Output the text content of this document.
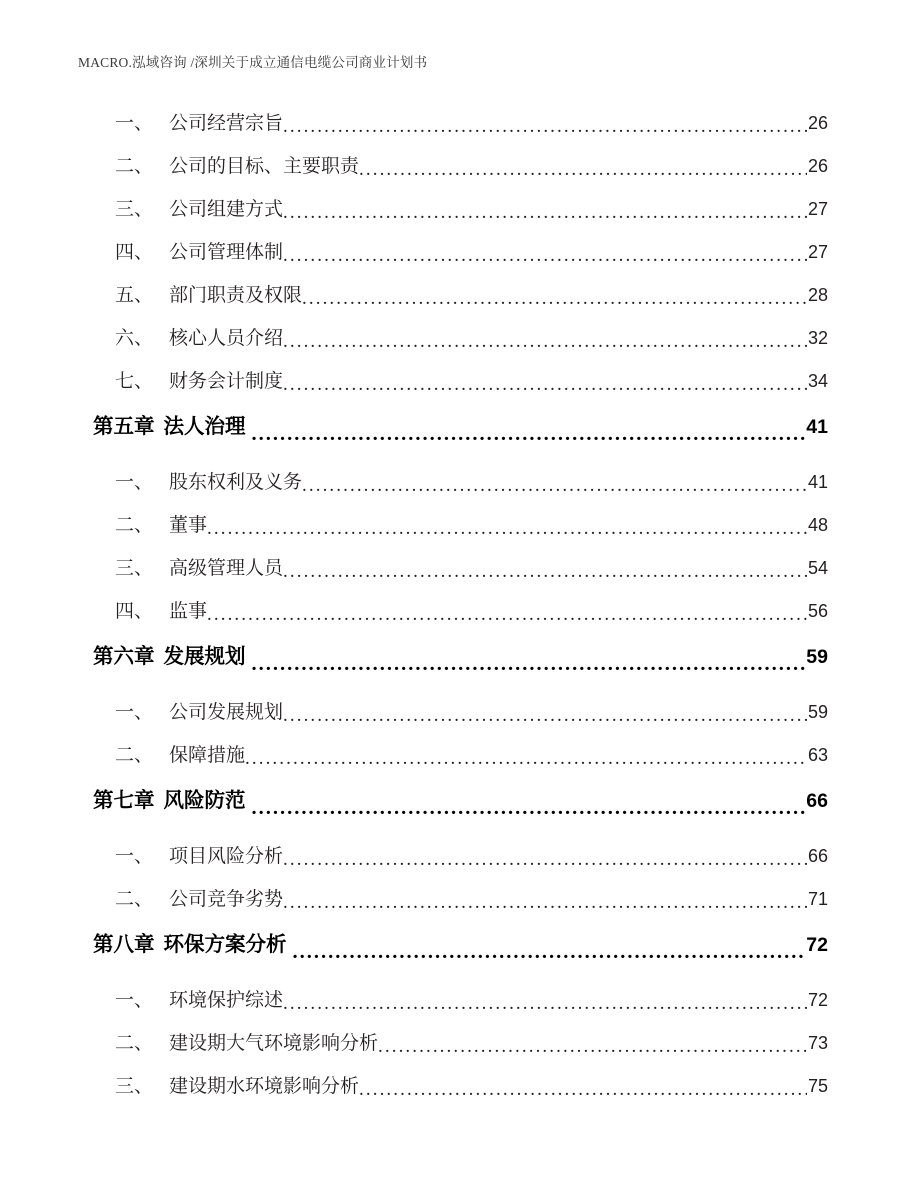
MACRO.泓域咨询 /深圳关于成立通信电缆公司商业计划书
一、 公司经营宗旨 .....	26
二、 公司的目标、主要职责 .....	26
三、 公司组建方式 .....	27
四、 公司管理体制 .....	27
五、 部门职责及权限 .....	28
六、 核心人员介绍 .....	32
七、 财务会计制度 .....	34
第五章 法人治理 .....	41
一、 股东权利及义务 .....	41
二、 董事 .....	48
三、 高级管理人员 .....	54
四、 监事 .....	56
第六章 发展规划 .....	59
一、 公司发展规划 .....	59
二、 保障措施 .....	63
第七章 风险防范 .....	66
一、 项目风险分析 .....	66
二、 公司竞争劣势 .....	71
第八章 环保方案分析 .....	72
一、 环境保护综述 .....	72
二、 建设期大气环境影响分析 .....	73
三、 建设期水环境影响分析 .....	75
